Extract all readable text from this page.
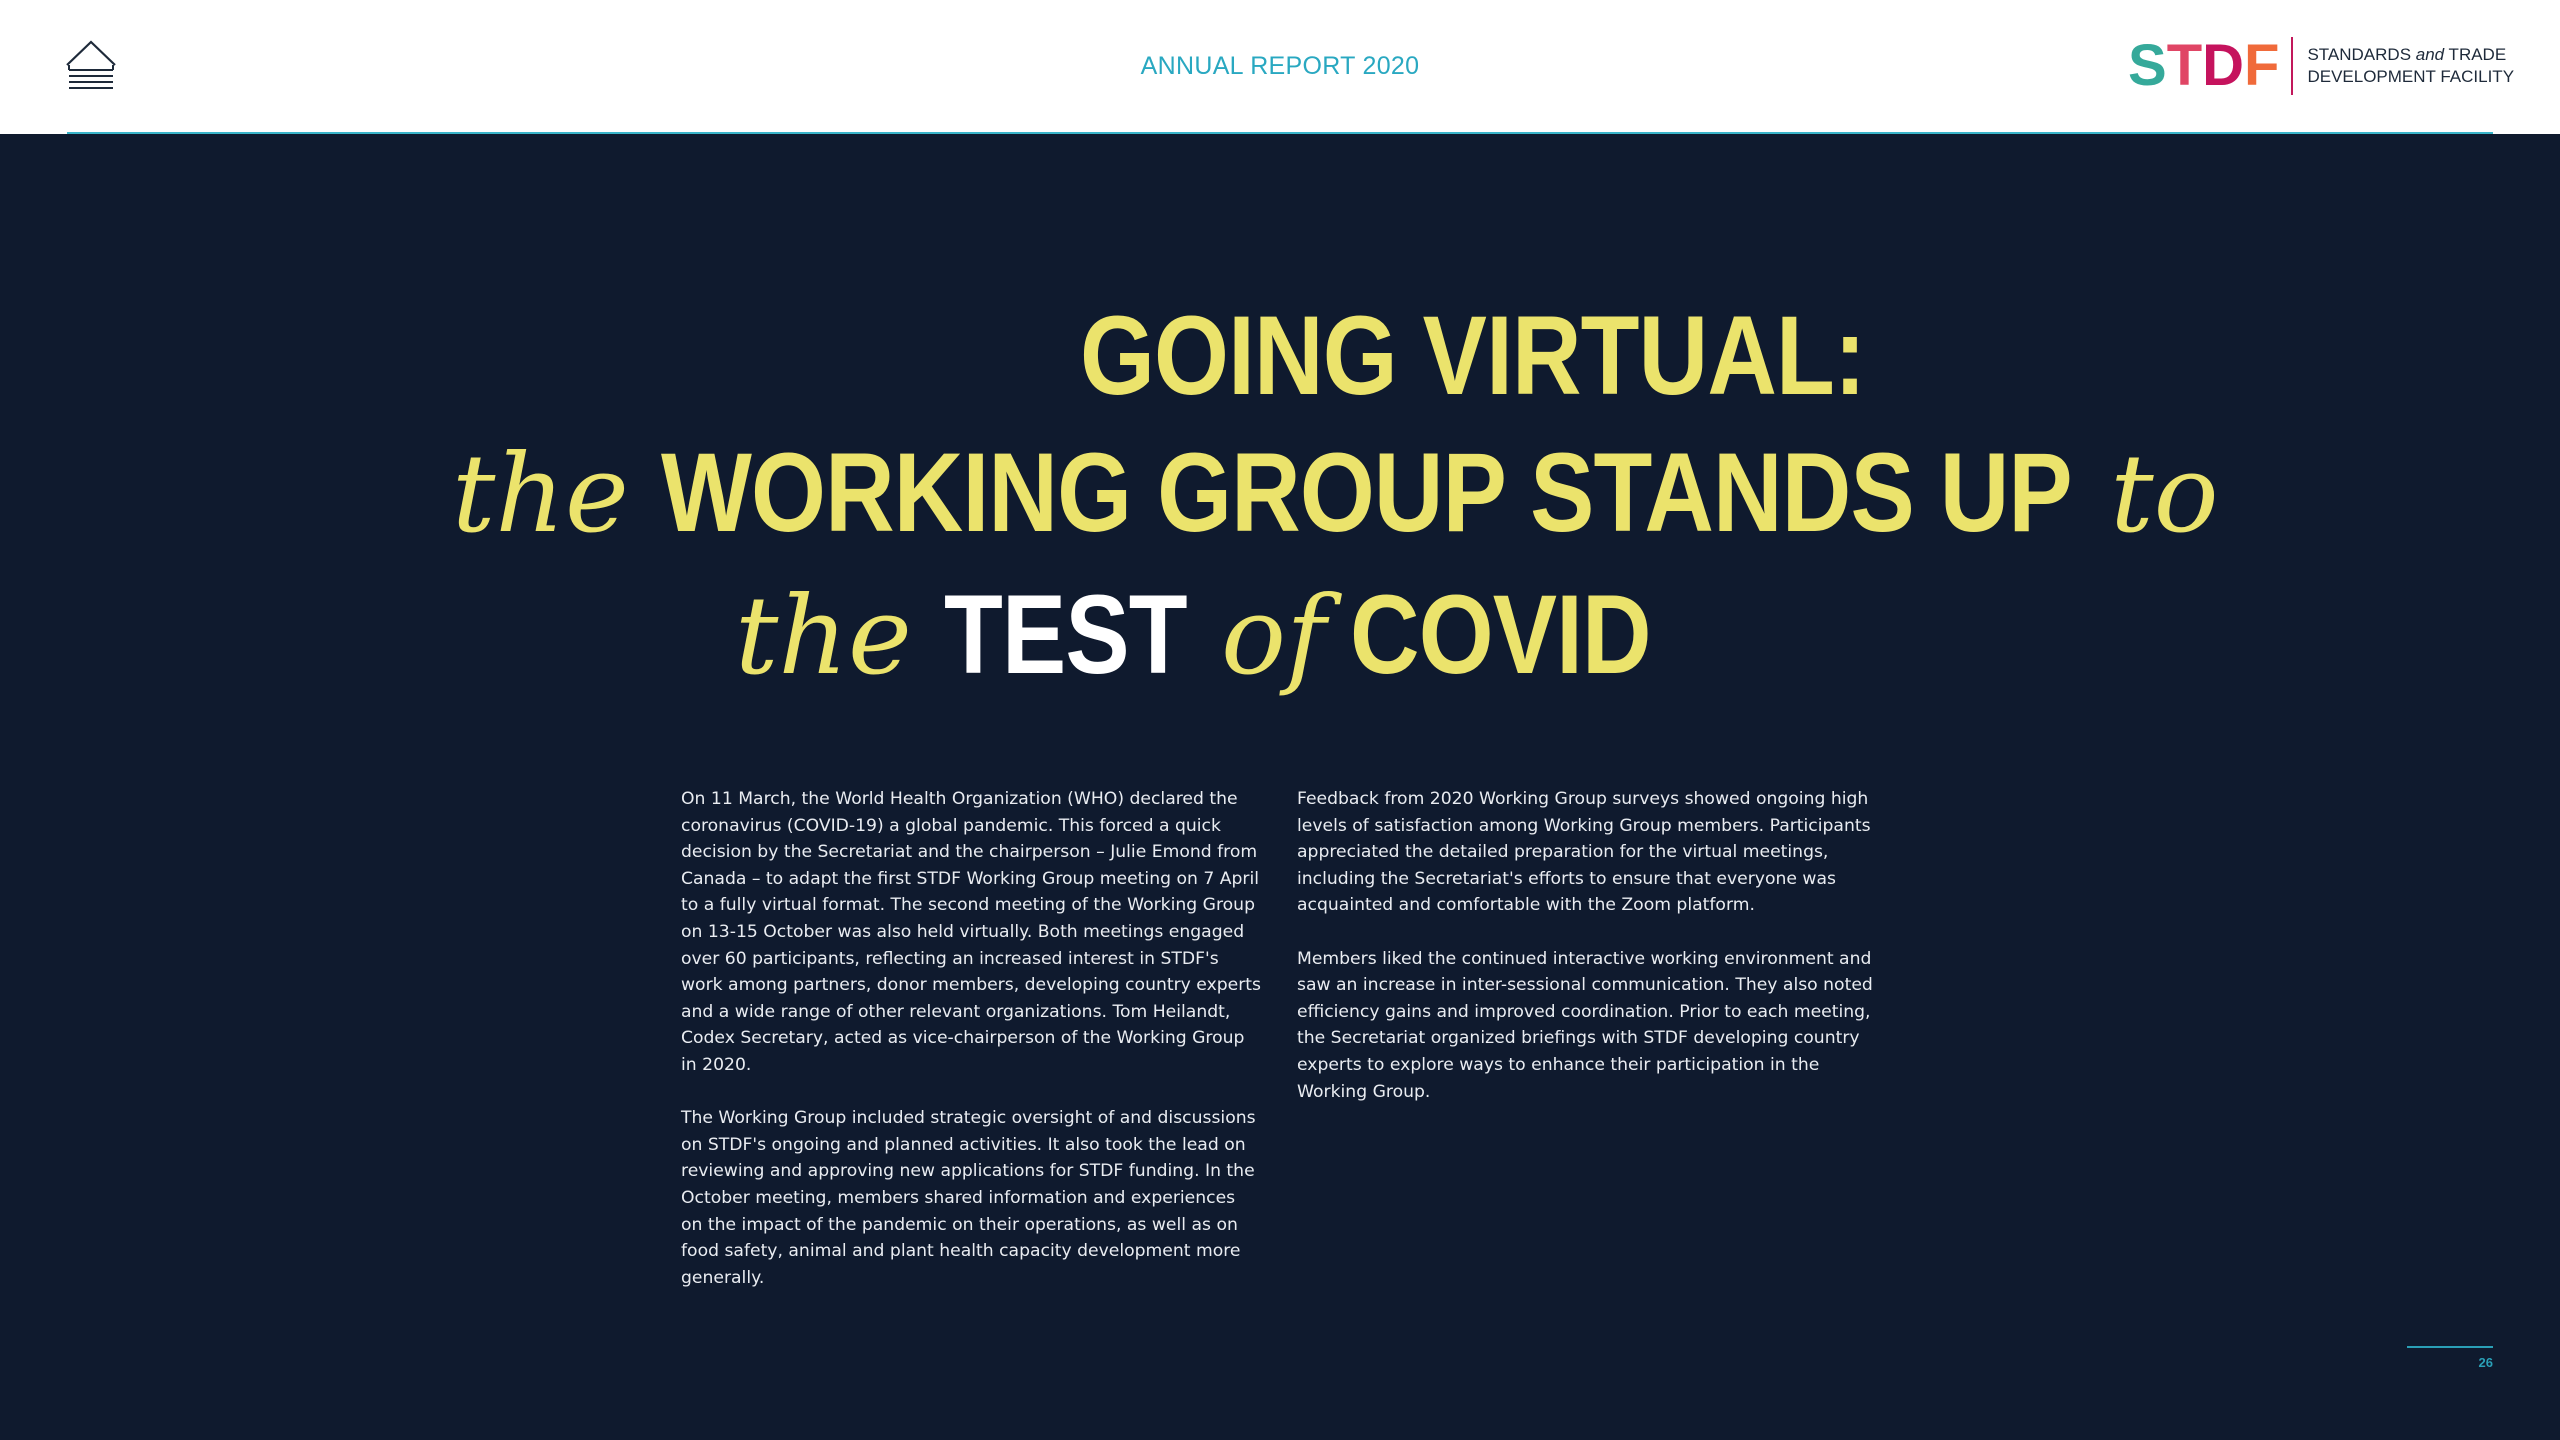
ANNUAL REPORT 2020	S T D F STANDARDS and TRADE
DEVELOPMENT FACILITY
GOING VIRTUAL:
the WORKING GROUP STANDS UP to
the TEST of COVID

On 11 March, the World Health Organization (WHO) declared the coronavirus (COVID-19) a global pandemic. This forced a quick decision by the Secretariat and the chairperson – Julie Emond from Canada – to adapt the first STDF Working Group meeting on 7 April to a fully virtual format. The second meeting of the Working Group on 13-15 October was also held virtually. Both meetings engaged over 60 participants, reflecting an increased interest in STDF's work among partners, donor members, developing country experts and a wide range of other relevant organizations. Tom Heilandt, Codex Secretary, acted as vice-chairperson of the Working Group in 2020.

The Working Group included strategic oversight of and discussions on STDF's ongoing and planned activities. It also took the lead on reviewing and approving new applications for STDF funding. In the October meeting, members shared information and experiences on the impact of the pandemic on their operations, as well as on food safety, animal and plant health capacity development more generally.

Feedback from 2020 Working Group surveys showed ongoing high levels of satisfaction among Working Group members. Participants appreciated the detailed preparation for the virtual meetings, including the Secretariat's efforts to ensure that everyone was acquainted and comfortable with the Zoom platform.

Members liked the continued interactive working environment and saw an increase in inter-sessional communication. They also noted efficiency gains and improved coordination. Prior to each meeting, the Secretariat organized briefings with STDF developing country experts to explore ways to enhance their participation in the Working Group.

26
